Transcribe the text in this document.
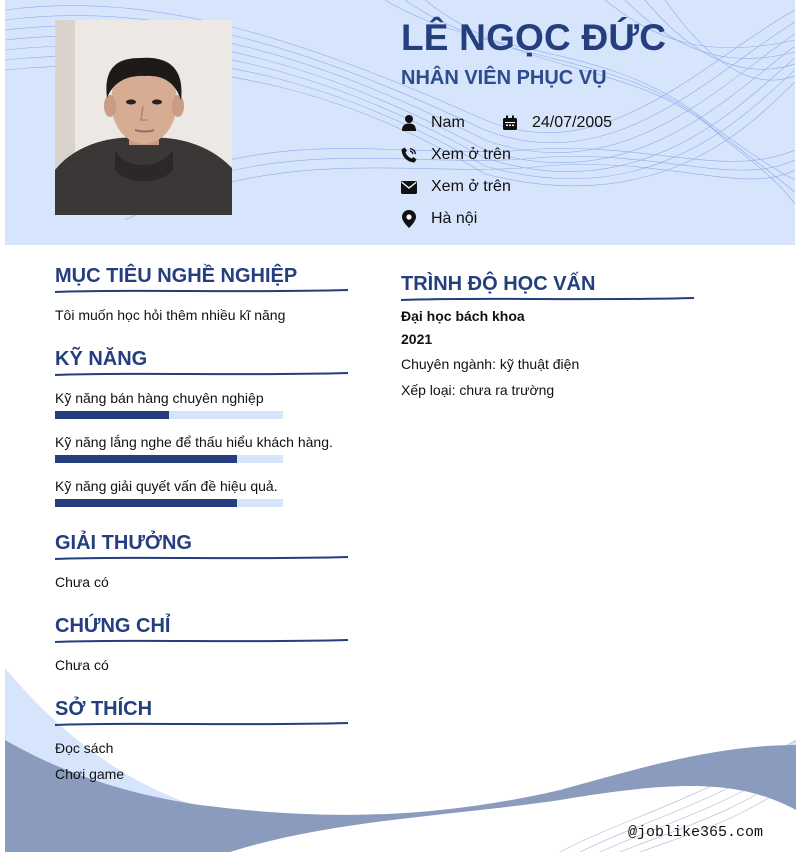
LÊ NGỌC ĐỨC
NHÂN VIÊN PHỤC VỤ
Nam	24/07/2005
Xem ở trên
Xem ở trên
Hà nội
MỤC TIÊU NGHỀ NGHIỆP

Tôi muốn học hỏi thêm nhiều kĩ năng

KỸ NĂNG

Kỹ năng bán hàng chuyên nghiệp

Kỹ năng lắng nghe để thấu hiểu khách hàng.

Kỹ năng giải quyết vấn đề hiệu quả.

GIẢI THƯỞNG

Chưa có

CHỨNG CHỈ

Chưa có

SỞ THÍCH

Đọc sách

Chơi game

TRÌNH ĐỘ HỌC VẤN

Đại học bách khoa

2021

Chuyên ngành: kỹ thuật điện

Xếp loại: chưa ra trường

@joblike365.com
